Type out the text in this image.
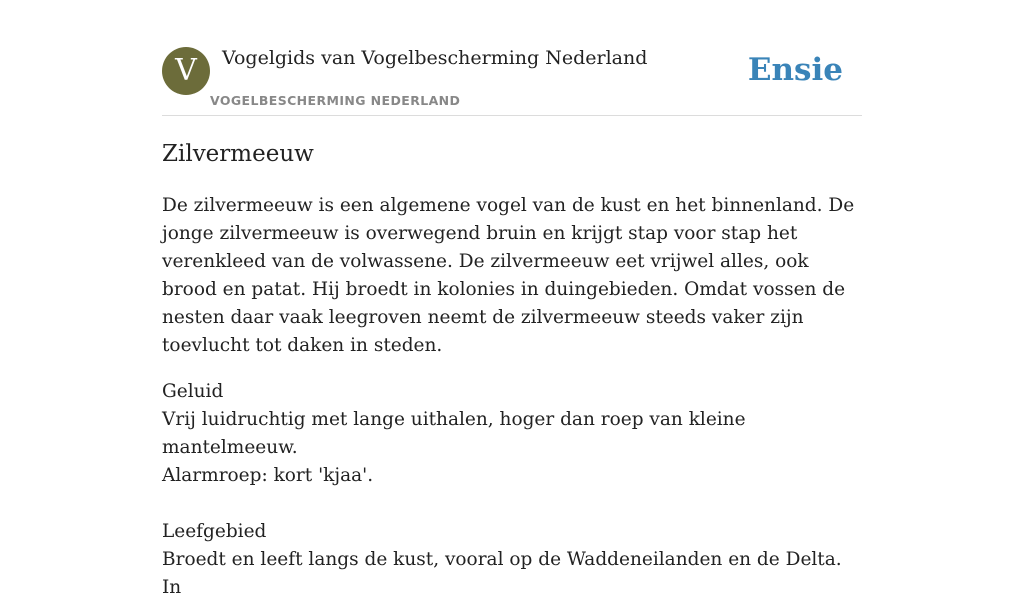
V	Vogelgids van Vogelbescherming Nederland
VOGELBESCHERMING NEDERLAND
Ensie
Zilvermeeuw

De zilvermeeuw is een algemene vogel van de kust en het binnenland. De jonge zilvermeeuw is overwegend bruin en krijgt stap voor stap het verenkleed van de volwassene. De zilvermeeuw eet vrijwel alles, ook brood en patat. Hij broedt in kolonies in duingebieden. Omdat vossen de nesten daar vaak leegroven neemt de zilvermeeuw steeds vaker zijn toevlucht tot daken in steden.

Geluid
Vrij luidruchtig met lange uithalen, hoger dan roep van kleine mantelmeeuw.
Alarmroep: kort 'kjaa'.
Leefgebied
Broedt en leeft langs de kust, vooral op de Waddeneilanden en de Delta. In
